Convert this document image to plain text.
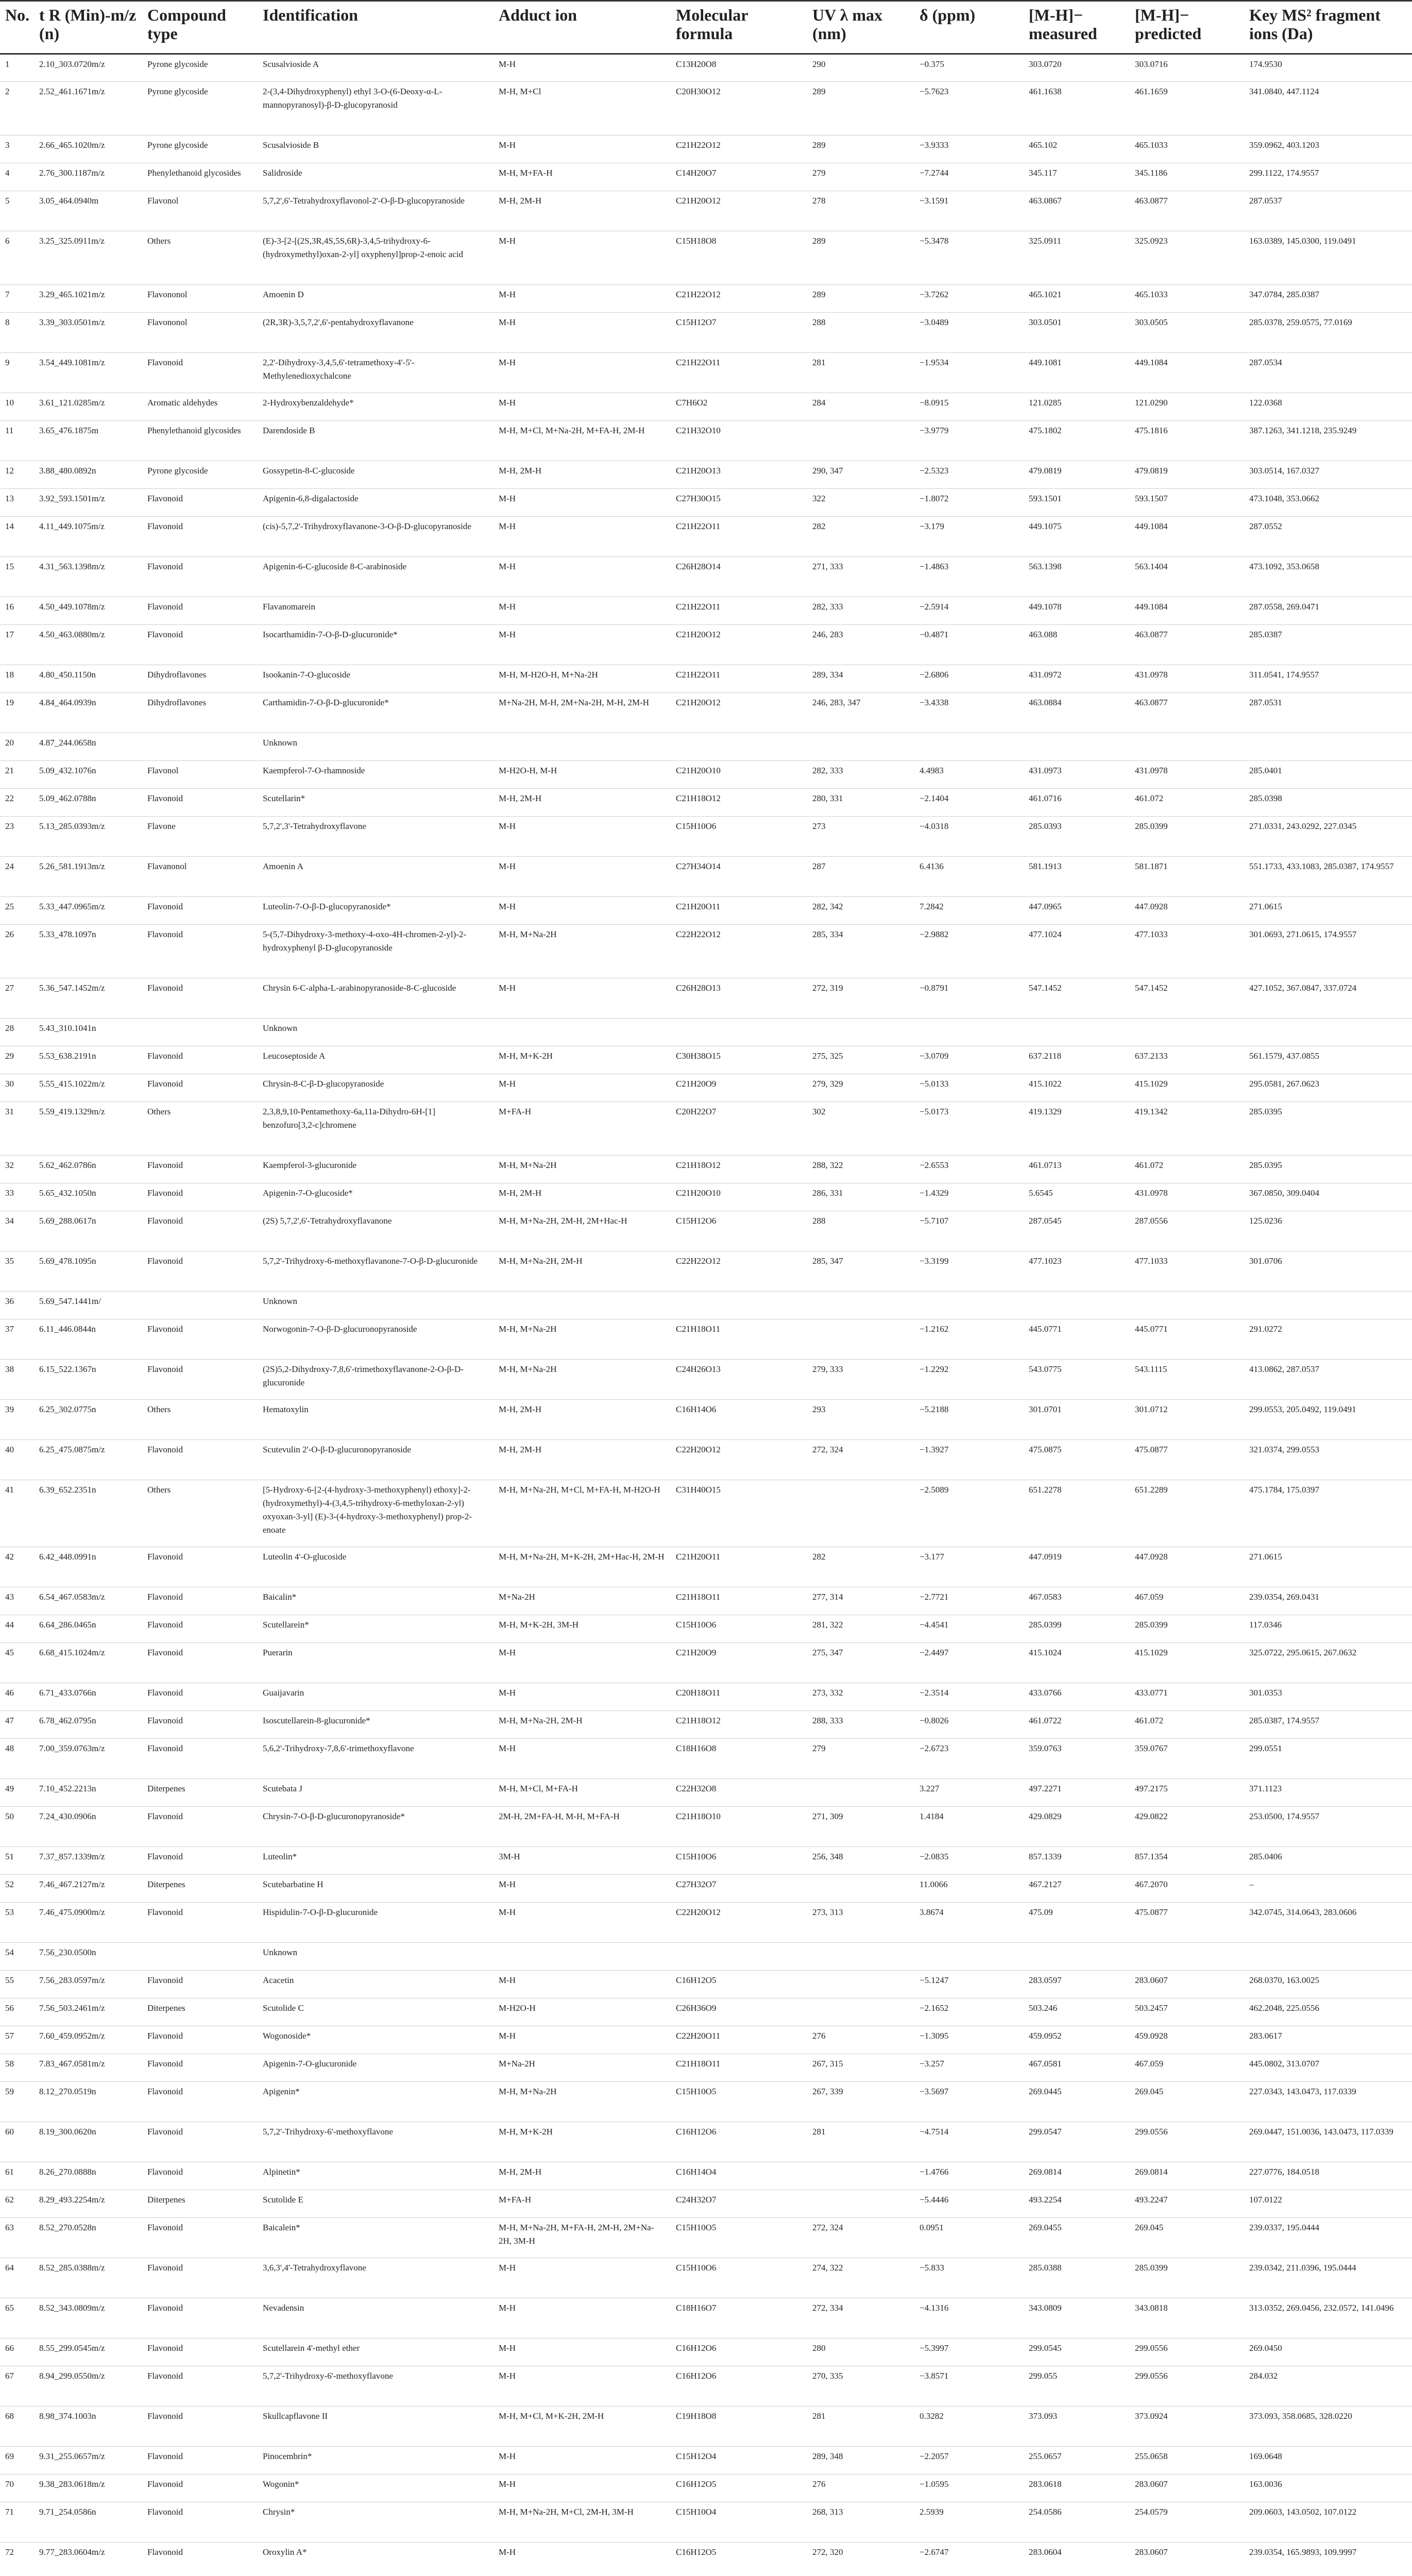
No.	t R (Min)-m/z (n)	Compound type	Identification	Adduct ion	Molecular formula	UV λ max (nm)	δ (ppm)	[M-H]− measured	[M-H]− predicted	Key MS² fragment ions (Da)
1	2.10_303.0720m/z	Pyrone glycoside	Scusalvioside A	M-H	C13H20O8	290	−0.375	303.0720	303.0716	174.9530
2	2.52_461.1671m/z	Pyrone glycoside	2-(3,4-Dihydroxyphenyl) ethyl 3-O-(6-Deoxy-α-L-mannopyranosyl)-β-D-glucopyranosid	M-H, M+Cl	C20H30O12	289	−5.7623	461.1638	461.1659	341.0840, 447.1124
3	2.66_465.1020m/z	Pyrone glycoside	Scusalvioside B	M-H	C21H22O12	289	−3.9333	465.102	465.1033	359.0962, 403.1203
4	2.76_300.1187m/z	Phenylethanoid glycosides	Salidroside	M-H, M+FA-H	C14H20O7	279	−7.2744	345.117	345.1186	299.1122, 174.9557
5	3.05_464.0940m	Flavonol	5,7,2',6'-Tetrahydroxyflavonol-2'-O-β-D-glucopyranoside	M-H, 2M-H	C21H20O12	278	−3.1591	463.0867	463.0877	287.0537
6	3.25_325.0911m/z	Others	(E)-3-[2-[(2S,3R,4S,5S,6R)-3,4,5-trihydroxy-6-(hydroxymethyl)oxan-2-yl] oxyphenyl]prop-2-enoic acid	M-H	C15H18O8	289	−5.3478	325.0911	325.0923	163.0389, 145.0300, 119.0491
7	3.29_465.1021m/z	Flavononol	Amoenin D	M-H	C21H22O12	289	−3.7262	465.1021	465.1033	347.0784, 285.0387
8	3.39_303.0501m/z	Flavononol	(2R,3R)-3,5,7,2',6'-pentahydroxyflavanone	M-H	C15H12O7	288	−3.0489	303.0501	303.0505	285.0378, 259.0575, 77.0169
9	3.54_449.1081m/z	Flavonoid	2,2'-Dihydroxy-3,4,5,6'-tetramethoxy-4'-5'-Methylenedioxychalcone	M-H	C21H22O11	281	−1.9534	449.1081	449.1084	287.0534
10	3.61_121.0285m/z	Aromatic aldehydes	2-Hydroxybenzaldehyde*	M-H	C7H6O2	284	−8.0915	121.0285	121.0290	122.0368
11	3.65_476.1875m	Phenylethanoid glycosides	Darendoside B	M-H, M+Cl, M+Na-2H, M+FA-H, 2M-H	C21H32O10		−3.9779	475.1802	475.1816	387.1263, 341.1218, 235.9249
12	3.88_480.0892n	Pyrone glycoside	Gossypetin-8-C-glucoside	M-H, 2M-H	C21H20O13	290, 347	−2.5323	479.0819	479.0819	303.0514, 167.0327
13	3.92_593.1501m/z	Flavonoid	Apigenin-6,8-digalactoside	M-H	C27H30O15	322	−1.8072	593.1501	593.1507	473.1048, 353.0662
14	4.11_449.1075m/z	Flavonoid	(cis)-5,7,2'-Trihydroxyflavanone-3-O-β-D-glucopyranoside	M-H	C21H22O11	282	−3.179	449.1075	449.1084	287.0552
15	4.31_563.1398m/z	Flavonoid	Apigenin-6-C-glucoside 8-C-arabinoside	M-H	C26H28O14	271, 333	−1.4863	563.1398	563.1404	473.1092, 353.0658
16	4.50_449.1078m/z	Flavonoid	Flavanomarein	M-H	C21H22O11	282, 333	−2.5914	449.1078	449.1084	287.0558, 269.0471
17	4.50_463.0880m/z	Flavonoid	Isocarthamidin-7-O-β-D-glucuronide*	M-H	C21H20O12	246, 283	−0.4871	463.088	463.0877	285.0387
18	4.80_450.1150n	Dihydroflavones	Isookanin-7-O-glucoside	M-H, M-H2O-H, M+Na-2H	C21H22O11	289, 334	−2.6806	431.0972	431.0978	311.0541, 174.9557
19	4.84_464.0939n	Dihydroflavones	Carthamidin-7-O-β-D-glucuronide*	M+Na-2H, M-H, 2M+Na-2H, M-H, 2M-H	C21H20O12	246, 283, 347	−3.4338	463.0884	463.0877	287.0531
20	4.87_244.0658n		Unknown							
21	5.09_432.1076n	Flavonol	Kaempferol-7-O-rhamnoside	M-H2O-H, M-H	C21H20O10	282, 333	4.4983	431.0973	431.0978	285.0401
22	5.09_462.0788n	Flavonoid	Scutellarin*	M-H, 2M-H	C21H18O12	280, 331	−2.1404	461.0716	461.072	285.0398
23	5.13_285.0393m/z	Flavone	5,7,2',3'-Tetrahydroxyflavone	M-H	C15H10O6	273	−4.0318	285.0393	285.0399	271.0331, 243.0292, 227.0345
24	5.26_581.1913m/z	Flavanonol	Amoenin A	M-H	C27H34O14	287	6.4136	581.1913	581.1871	551.1733, 433.1083, 285.0387, 174.9557
25	5.33_447.0965m/z	Flavonoid	Luteolin-7-O-β-D-glucopyranoside*	M-H	C21H20O11	282, 342	7.2842	447.0965	447.0928	271.0615
26	5.33_478.1097n	Flavonoid	5-(5,7-Dihydroxy-3-methoxy-4-oxo-4H-chromen-2-yl)-2-hydroxyphenyl β-D-glucopyranoside	M-H, M+Na-2H	C22H22O12	285, 334	−2.9882	477.1024	477.1033	301.0693, 271.0615, 174.9557
27	5.36_547.1452m/z	Flavonoid	Chrysin 6-C-alpha-L-arabinopyranoside-8-C-glucoside	M-H	C26H28O13	272, 319	−0.8791	547.1452	547.1452	427.1052, 367.0847, 337.0724
28	5.43_310.1041n		Unknown							
29	5.53_638.2191n	Flavonoid	Leucoseptoside A	M-H, M+K-2H	C30H38O15	275, 325	−3.0709	637.2118	637.2133	561.1579, 437.0855
30	5.55_415.1022m/z	Flavonoid	Chrysin-8-C-β-D-glucopyranoside	M-H	C21H20O9	279, 329	−5.0133	415.1022	415.1029	295.0581, 267.0623
31	5.59_419.1329m/z	Others	2,3,8,9,10-Pentamethoxy-6a,11a-Dihydro-6H-[1] benzofuro[3,2-c]chromene	M+FA-H	C20H22O7	302	−5.0173	419.1329	419.1342	285.0395
32	5.62_462.0786n	Flavonoid	Kaempferol-3-glucuronide	M-H, M+Na-2H	C21H18O12	288, 322	−2.6553	461.0713	461.072	285.0395
33	5.65_432.1050n	Flavonoid	Apigenin-7-O-glucoside*	M-H, 2M-H	C21H20O10	286, 331	−1.4329	5.6545	431.0978	367.0850, 309.0404
34	5.69_288.0617n	Flavonoid	(2S) 5,7,2',6'-Tetrahydroxyflavanone	M-H, M+Na-2H, 2M-H, 2M+Hac-H	C15H12O6	288	−5.7107	287.0545	287.0556	125.0236
35	5.69_478.1095n	Flavonoid	5,7,2'-Trihydroxy-6-methoxyflavanone-7-O-β-D-glucuronide	M-H, M+Na-2H, 2M-H	C22H22O12	285, 347	−3.3199	477.1023	477.1033	301.0706
36	5.69_547.1441m/		Unknown							
37	6.11_446.0844n	Flavonoid	Norwogonin-7-O-β-D-glucuronopyranoside	M-H, M+Na-2H	C21H18O11		−1.2162	445.0771	445.0771	291.0272
38	6.15_522.1367n	Flavonoid	(2S)5,2-Dihydroxy-7,8,6'-trimethoxyflavanone-2-O-β-D-glucuronide	M-H, M+Na-2H	C24H26O13	279, 333	−1.2292	543.0775	543.1115	413.0862, 287.0537
39	6.25_302.0775n	Others	Hematoxylin	M-H, 2M-H	C16H14O6	293	−5.2188	301.0701	301.0712	299.0553, 205.0492, 119.0491
40	6.25_475.0875m/z	Flavonoid	Scutevulin 2'-O-β-D-glucuronopyranoside	M-H, 2M-H	C22H20O12	272, 324	−1.3927	475.0875	475.0877	321.0374, 299.0553
41	6.39_652.2351n	Others	[5-Hydroxy-6-[2-(4-hydroxy-3-methoxyphenyl) ethoxy]-2-(hydroxymethyl)-4-(3,4,5-trihydroxy-6-methyloxan-2-yl) oxyoxan-3-yl] (E)-3-(4-hydroxy-3-methoxyphenyl) prop-2-enoate	M-H, M+Na-2H, M+Cl, M+FA-H, M-H2O-H	C31H40O15		−2.5089	651.2278	651.2289	475.1784, 175.0397
42	6.42_448.0991n	Flavonoid	Luteolin 4'-O-glucoside	M-H, M+Na-2H, M+K-2H, 2M+Hac-H, 2M-H	C21H20O11	282	−3.177	447.0919	447.0928	271.0615
43	6.54_467.0583m/z	Flavonoid	Baicalin*	M+Na-2H	C21H18O11	277, 314	−2.7721	467.0583	467.059	239.0354, 269.0431
44	6.64_286.0465n	Flavonoid	Scutellarein*	M-H, M+K-2H, 3M-H	C15H10O6	281, 322	−4.4541	285.0399	285.0399	117.0346
45	6.68_415.1024m/z	Flavonoid	Puerarin	M-H	C21H20O9	275, 347	−2.4497	415.1024	415.1029	325.0722, 295.0615, 267.0632
46	6.71_433.0766n	Flavonoid	Guaijavarin	M-H	C20H18O11	273, 332	−2.3514	433.0766	433.0771	301.0353
47	6.78_462.0795n	Flavonoid	Isoscutellarein-8-glucuronide*	M-H, M+Na-2H, 2M-H	C21H18O12	288, 333	−0.8026	461.0722	461.072	285.0387, 174.9557
48	7.00_359.0763m/z	Flavonoid	5,6,2'-Trihydroxy-7,8,6'-trimethoxyflavone	M-H	C18H16O8	279	−2.6723	359.0763	359.0767	299.0551
49	7.10_452.2213n	Diterpenes	Scutebata J	M-H, M+Cl, M+FA-H	C22H32O8		3.227	497.2271	497.2175	371.1123
50	7.24_430.0906n	Flavonoid	Chrysin-7-O-β-D-glucuronopyranoside*	2M-H, 2M+FA-H, M-H, M+FA-H	C21H18O10	271, 309	1.4184	429.0829	429.0822	253.0500, 174.9557
51	7.37_857.1339m/z	Flavonoid	Luteolin*	3M-H	C15H10O6	256, 348	−2.0835	857.1339	857.1354	285.0406
52	7.46_467.2127m/z	Diterpenes	Scutebarbatine H	M-H	C27H32O7		11.0066	467.2127	467.2070	–
53	7.46_475.0900m/z	Flavonoid	Hispidulin-7-O-β-D-glucuronide	M-H	C22H20O12	273, 313	3.8674	475.09	475.0877	342.0745, 314.0643, 283.0606
54	7.56_230.0500n		Unknown							
55	7.56_283.0597m/z	Flavonoid	Acacetin	M-H	C16H12O5		−5.1247	283.0597	283.0607	268.0370, 163.0025
56	7.56_503.2461m/z	Diterpenes	Scutolide C	M-H2O-H	C26H36O9		−2.1652	503.246	503.2457	462.2048, 225.0556
57	7.60_459.0952m/z	Flavonoid	Wogonoside*	M-H	C22H20O11	276	−1.3095	459.0952	459.0928	283.0617
58	7.83_467.0581m/z	Flavonoid	Apigenin-7-O-glucuronide	M+Na-2H	C21H18O11	267, 315	−3.257	467.0581	467.059	445.0802, 313.0707
59	8.12_270.0519n	Flavonoid	Apigenin*	M-H, M+Na-2H	C15H10O5	267, 339	−3.5697	269.0445	269.045	227.0343, 143.0473, 117.0339
60	8.19_300.0620n	Flavonoid	5,7,2'-Trihydroxy-6'-methoxyflavone	M-H, M+K-2H	C16H12O6	281	−4.7514	299.0547	299.0556	269.0447, 151.0036, 143.0473, 117.0339
61	8.26_270.0888n	Flavonoid	Alpinetin*	M-H, 2M-H	C16H14O4		−1.4766	269.0814	269.0814	227.0776, 184.0518
62	8.29_493.2254m/z	Diterpenes	Scutolide E	M+FA-H	C24H32O7		−5.4446	493.2254	493.2247	107.0122
63	8.52_270.0528n	Flavonoid	Baicalein*	M-H, M+Na-2H, M+FA-H, 2M-H, 2M+Na-2H, 3M-H	C15H10O5	272, 324	0.0951	269.0455	269.045	239.0337, 195.0444
64	8.52_285.0388m/z	Flavonoid	3,6,3',4'-Tetrahydroxyflavone	M-H	C15H10O6	274, 322	−5.833	285.0388	285.0399	239.0342, 211.0396, 195.0444
65	8.52_343.0809m/z	Flavonoid	Nevadensin	M-H	C18H16O7	272, 334	−4.1316	343.0809	343.0818	313.0352, 269.0456, 232.0572, 141.0496
66	8.55_299.0545m/z	Flavonoid	Scutellarein 4'-methyl ether	M-H	C16H12O6	280	−5.3997	299.0545	299.0556	269.0450
67	8.94_299.0550m/z	Flavonoid	5,7,2'-Trihydroxy-6'-methoxyflavone	M-H	C16H12O6	270, 335	−3.8571	299.055	299.0556	284.032
68	8.98_374.1003n	Flavonoid	Skullcapflavone II	M-H, M+Cl, M+K-2H, 2M-H	C19H18O8	281	0.3282	373.093	373.0924	373.093, 358.0685, 328.0220
69	9.31_255.0657m/z	Flavonoid	Pinocembrin*	M-H	C15H12O4	289, 348	−2.2057	255.0657	255.0658	169.0648
70	9.38_283.0618m/z	Flavonoid	Wogonin*	M-H	C16H12O5	276	−1.0595	283.0618	283.0607	163.0036
71	9.71_254.0586n	Flavonoid	Chrysin*	M-H, M+Na-2H, M+Cl, 2M-H, 3M-H	C15H10O4	268, 313	2.5939	254.0586	254.0579	209.0603, 143.0502, 107.0122
72	9.77_283.0604m/z	Flavonoid	Oroxylin A*	M-H	C16H12O5	272, 320	−2.6747	283.0604	283.0607	239.0354, 165.9893, 109.9997
